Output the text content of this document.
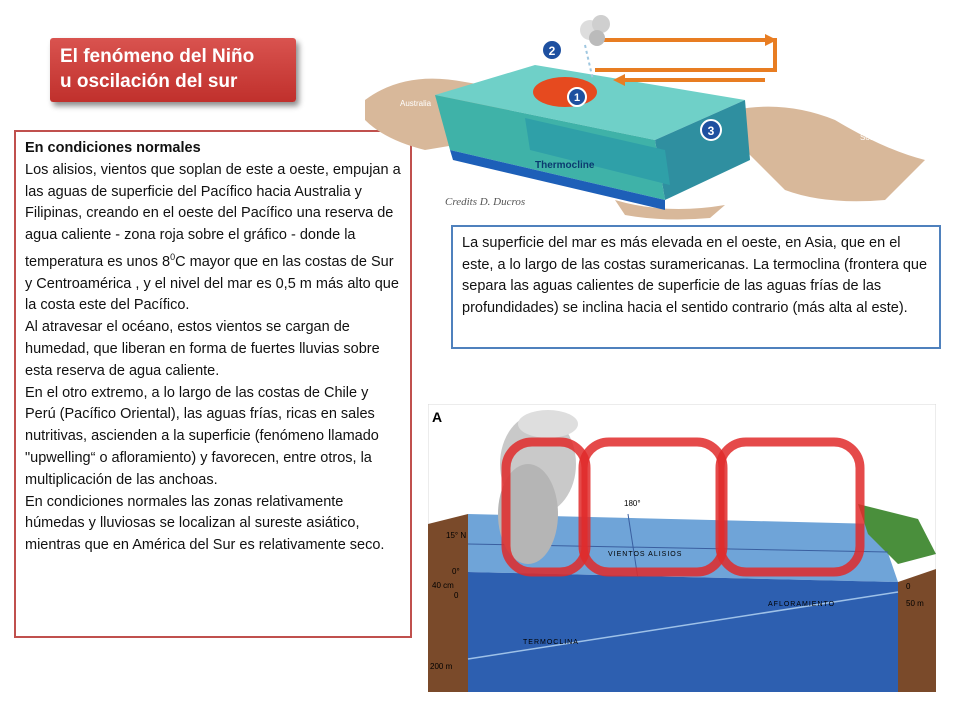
El fenómeno del Niño
u oscilación del sur
En condiciones normales
Los alisios, vientos que soplan de este a oeste, empujan a las aguas de superficie del Pacífico hacia Australia y Filipinas, creando en el oeste del Pacífico una reserva de agua caliente - zona roja sobre el gráfico - donde la temperatura es unos $8^0C$ mayor que en las costas de Sur y Centroamérica , y el nivel del mar es 0,5 m más alto que la costa este del Pacífico.
Al atravesar el océano, estos vientos se cargan de humedad, que liberan en forma de fuertes lluvias sobre esta reserva de agua caliente.
En el otro extremo, a lo largo de las costas de Chile y Perú (Pacífico Oriental), las aguas frías, ricas en sales nutritivas, ascienden a la superficie (fenómeno llamado "upwelling“ o afloramiento) y favorecen, entre otros, la multiplicación de las anchoas.
En condiciones normales las zonas relativamente húmedas y lluviosas se localizan al sureste asiático, mientras que en América del Sur es relativamente seco.
La superficie del mar es más elevada en el oeste, en Asia, que en el este, a lo largo de las costas suramericanas. La termoclina (frontera que separa las aguas calientes de superficie de las aguas frías de las profundidades) se inclina hacia el sentido contrario (más alta al este).
2
1
3
Australia
South America
Thermocline
Credits D. Ducros
A
180°
15° N
0°
40 cm
0
0
50 m
200 m
VIENTOS ALISIOS
AFLORAMIENTO
TERMOCLINA
